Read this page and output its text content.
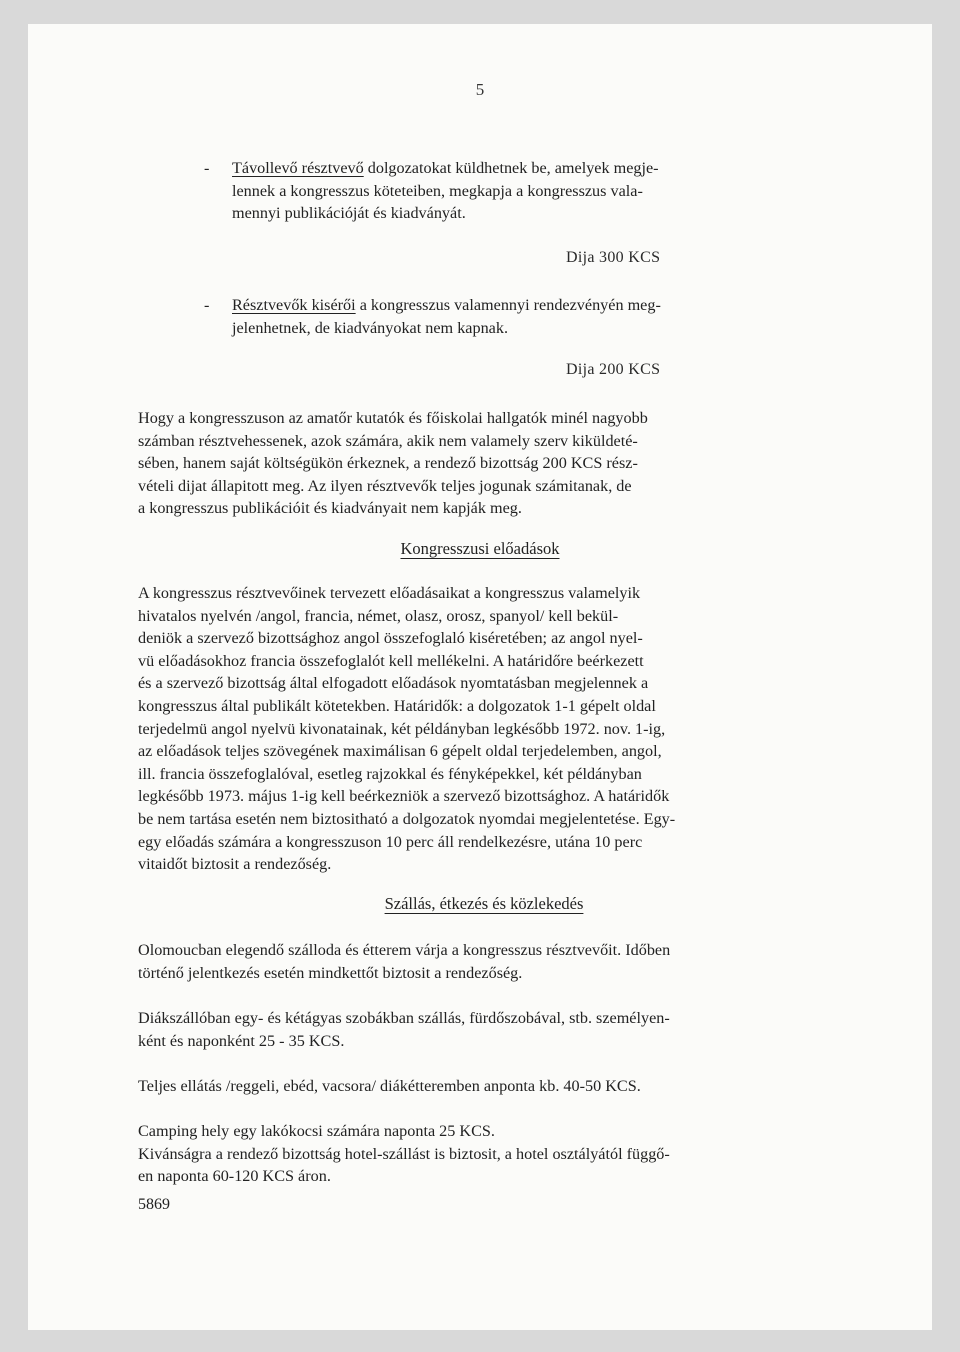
5
-	Távollevő résztvevő dolgozatokat küldhetnek be, amelyek megje-
lennek a kongresszus köteteiben, megkapja a kongresszus vala-
mennyi publikációját és kiadványát.
Dija 300 KCS
-	Résztvevők kisérői a kongresszus valamennyi rendezvényén meg-
jelenhetnek, de kiadványokat nem kapnak.
Dija 200 KCS
Hogy a kongresszuson az amatőr kutatók és főiskolai hallgatók minél nagyobb
számban résztvehessenek, azok számára, akik nem valamely szerv kiküldeté-
sében, hanem saját költségükön érkeznek, a rendező bizottság 200 KCS rész-
vételi dijat állapitott meg. Az ilyen résztvevők teljes jogunak számitanak, de
a kongresszus publikációit és kiadványait nem kapják meg.
Kongresszusi előadások
A kongresszus résztvevőinek tervezett előadásaikat a kongresszus valamelyik
hivatalos nyelvén /angol, francia, német, olasz, orosz, spanyol/ kell bekül-
deniök a szervező bizottsághoz angol összefoglaló kiséretében; az angol nyel-
vü előadásokhoz francia összefoglalót kell mellékelni. A határidőre beérkezett
és a szervező bizottság által elfogadott előadások nyomtatásban megjelennek a
kongresszus által publikált kötetekben. Határidők: a dolgozatok 1-1 gépelt oldal
terjedelmü angol nyelvü kivonatainak, két példányban legkésőbb 1972. nov. 1-ig,
az előadások teljes szövegének maximálisan 6 gépelt oldal terjedelemben, angol,
ill. francia összefoglalóval, esetleg rajzokkal és fényképekkel, két példányban
legkésőbb 1973. május 1-ig kell beérkezniök a szervező bizottsághoz. A határidők
be nem tartása esetén nem biztositható a dolgozatok nyomdai megjelentetése. Egy-
egy előadás számára a kongresszuson 10 perc áll rendelkezésre, utána 10 perc
vitaidőt biztosit a rendezőség.
Szállás, étkezés és közlekedés
Olomoucban elegendő szálloda és étterem várja a kongresszus résztvevőit. Időben
történő jelentkezés esetén mindkettőt biztosit a rendezőség.
Diákszállóban egy- és kétágyas szobákban szállás, fürdőszobával, stb. személyen-
ként és naponként 25 - 35 KCS.
Teljes ellátás /reggeli, ebéd, vacsora/ diákétteremben anponta kb. 40-50 KCS.
Camping hely egy lakókocsi számára naponta 25 KCS.
Kivánságra a rendező bizottság hotel-szállást is biztosit, a hotel osztályától függő-
en naponta 60-120 KCS áron.
5869
